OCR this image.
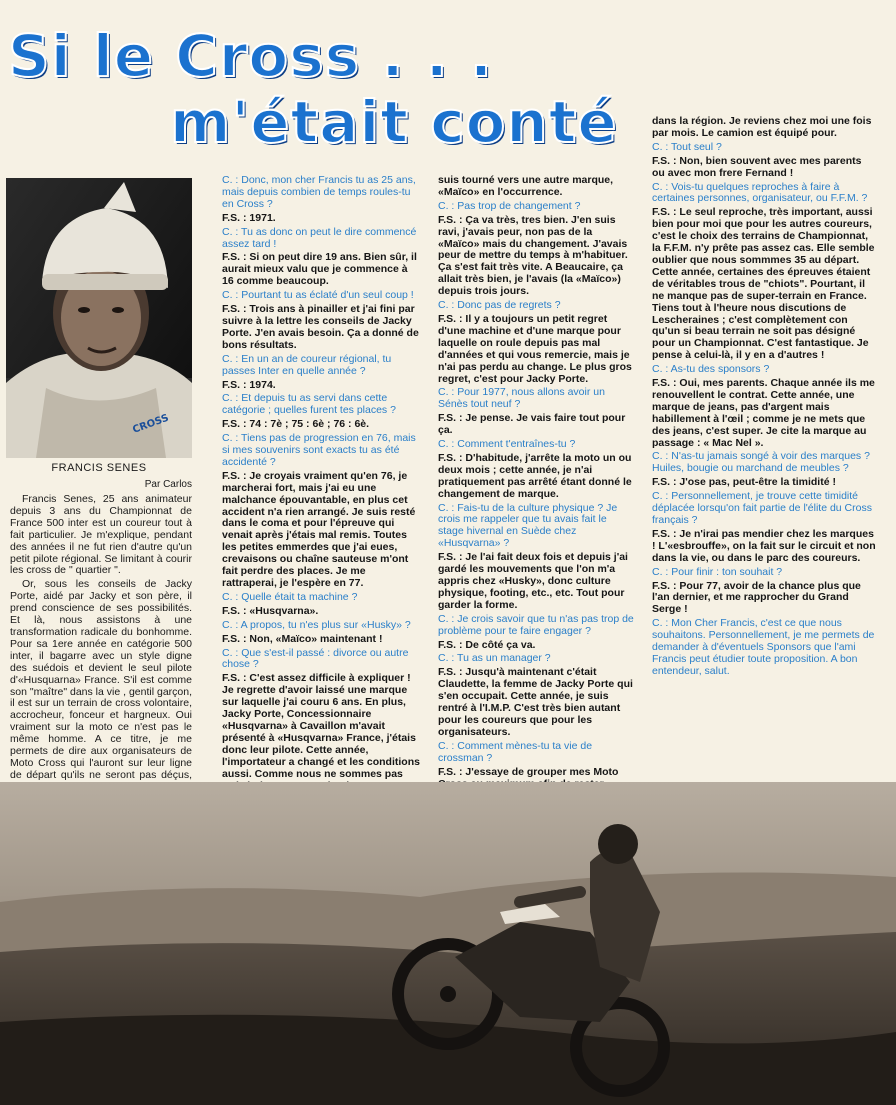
Si le Cross . . .
m'était conté
CROSS
FRANCIS SENES
Par Carlos

Francis Senes, 25 ans animateur depuis 3 ans du Championnat de France 500 inter est un coureur tout à fait particulier. Je m'explique, pendant des années il ne fut rien d'autre qu'un petit pilote régional. Se limitant à courir les cross de " quartier ".

Or, sous les conseils de Jacky Porte, aidé par Jacky et son père, il prend conscience de ses possibilités. Et là, nous assistons à une transformation radicale du bonhomme. Pour sa 1ere année en catégorie 500 inter, il bagarre avec un style digne des suédois et devient le seul pilote d'«Husquarna» France. S'il est comme son "maître" dans la vie , gentil garçon, il est sur un terrain de cross volontaire, accrocheur, fonceur et hargneux. Oui vraiment sur la moto ce n'est pas le même homme. A ce titre, je me permets de dire aux organisateurs de Moto Cross qui l'auront sur leur ligne de départ qu'ils ne seront pas déçus,

C. : Donc, mon cher Francis tu as 25 ans, mais depuis combien de temps roules-tu en Cross ?

F.S. : 1971.

C. : Tu as donc on peut le dire commencé assez tard !

F.S. : Si on peut dire 19 ans. Bien sûr, il aurait mieux valu que je commence à 16 comme beaucoup.

C. : Pourtant tu as éclaté d'un seul coup !

F.S. : Trois ans à pinailler et j'ai fini par suivre à la lettre les conseils de Jacky Porte. J'en avais besoin. Ça a donné de bons résultats.

C. : En un an de coureur régional, tu passes Inter en quelle année ?

F.S. : 1974.

C. : Et depuis tu as servi dans cette catégorie ; quelles furent tes places ?

F.S. : 74 : 7è ; 75 : 6è ; 76 : 6è.

C. : Tiens pas de progression en 76, mais si mes souvenirs sont exacts tu as été accidenté ?

F.S. : Je croyais vraiment qu'en 76, je marcherai fort, mais j'ai eu une malchance épouvantable, en plus cet accident n'a rien arrangé. Je suis resté dans le coma et pour l'épreuve qui venait après j'étais mal remis. Toutes les petites emmerdes que j'ai eues, crevaisons ou chaîne sauteuse m'ont fait perdre des places. Je me rattraperai, je l'espère en 77.

C. : Quelle était ta machine ?

F.S. : «Husqvarna».

C. : A propos, tu n'es plus sur «Husky» ?

F.S. : Non, «Maïco» maintenant !

C. : Que s'est-il passé : divorce ou autre chose ?

F.S. : C'est assez difficile à expliquer ! Je regrette d'avoir laissé une marque sur laquelle j'ai couru 6 ans. En plus, Jacky Porte, Concessionnaire «Husqvarna» à Cavaillon m'avait présenté à «Husqvarna» France, j'étais donc leur pilote. Cette année, l'importateur a changé et les conditions aussi. Comme nous ne sommes pas

suis tourné vers une autre marque, «Maïco» en l'occurrence.

C. : Pas trop de changement ?

F.S. : Ça va très, tres bien. J'en suis ravi, j'avais peur, non pas de la «Maïco» mais du changement. J'avais peur de mettre du temps à m'habituer. Ça s'est fait très vite. A Beaucaire, ça allait très bien, je l'avais (la «Maïco») depuis trois jours.

C. : Donc pas de regrets ?

F.S. : Il y a toujours un petit regret d'une machine et d'une marque pour laquelle on roule depuis pas mal d'années et qui vous remercie, mais je n'ai pas perdu au change. Le plus gros regret, c'est pour Jacky Porte.

C. : Pour 1977, nous allons avoir un Sénès tout neuf ?

F.S. : Je pense. Je vais faire tout pour ça.

C. : Comment t'entraînes-tu ?

F.S. : D'habitude, j'arrête la moto un ou deux mois ; cette année, je n'ai pratiquement pas arrêté étant donné le changement de marque.

C. : Fais-tu de la culture physique ? Je crois me rappeler que tu avais fait le stage hivernal en Suède chez «Husqvarna» ?

F.S. : Je l'ai fait deux fois et depuis j'ai gardé les mouvements que l'on m'a appris chez «Husky», donc culture physique, footing, etc., etc. Tout pour garder la forme.

C. : Je crois savoir que tu n'as pas trop de problème pour te faire engager ?

F.S. : De côté ça va.

C. : Tu as un manager ?

F.S. : Jusqu'à maintenant c'était Claudette, la femme de Jacky Porte qui s'en occupait. Cette année, je suis rentré à l'I.M.P. C'est très bien autant pour les coureurs que pour les organisateurs.

C. : Comment mènes-tu ta vie de crossman ?

F.S. : J'essaye de grouper mes Moto

dans la région. Je reviens chez moi une fois par mois. Le camion est équipé pour.

C. : Tout seul ?

F.S. : Non, bien souvent avec mes parents ou avec mon frere Fernand !

C. : Vois-tu quelques reproches à faire à certaines personnes, organisateur, ou F.F.M. ?

F.S. : Le seul reproche, très important, aussi bien pour moi que pour les autres coureurs, c'est le choix des terrains de Championnat, la F.F.M. n'y prête pas assez cas. Elle semble oublier que nous sommmes 35 au départ. Cette année, certaines des épreuves étaient de véritables trous de "chiots". Pourtant, il ne manque pas de super-terrain en France. Tiens tout à l'heure nous discutions de Lescheraines ; c'est complètement con qu'un si beau terrain ne soit pas désigné pour un Championnat. C'est fantastique. Je pense à celui-là, il y en a d'autres !

C. : As-tu des sponsors ?

F.S. : Oui, mes parents. Chaque année ils me renouvellent le contrat. Cette année, une marque de jeans, pas d'argent mais habillement à l'œil ; comme je ne mets que des jeans, c'est super. Je cite la marque au passage : « Mac Nel ».

C. : N'as-tu jamais songé à voir des marques ? Huiles, bougie ou marchand de meubles ?

F.S. : J'ose pas, peut-être la timidité !

C. : Personnellement, je trouve cette timidité déplacée lorsqu'on fait partie de l'élite du Cross français ?

F.S. : Je n'irai pas mendier chez les marques ! L'«esbrouffe», on la fait sur le circuit et non dans la vie, ou dans le parc des coureurs.

C. : Pour finir : ton souhait ?

F.S. : Pour 77, avoir de la chance plus que l'an dernier, et me rapprocher du Grand Serge !

C. : Mon Cher Francis, c'est ce que nous souhaitons. Personnellement, je me permets de demander à d'éventuels Sponsors que l'ami Francis peut étudier toute proposition. A bon entendeur, salut.
